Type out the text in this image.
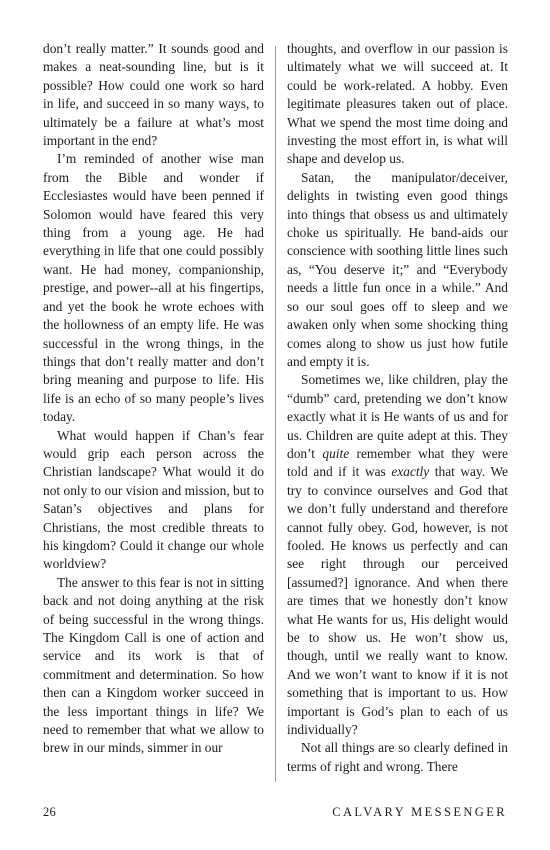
don’t really matter.” It sounds good and makes a neat-sounding line, but is it possible? How could one work so hard in life, and succeed in so many ways, to ultimately be a failure at what’s most important in the end?

I’m reminded of another wise man from the Bible and wonder if Ecclesiastes would have been penned if Solomon would have feared this very thing from a young age. He had everything in life that one could possibly want. He had money, companionship, prestige, and power--all at his fingertips, and yet the book he wrote echoes with the hollowness of an empty life. He was successful in the wrong things, in the things that don’t really matter and don’t bring meaning and purpose to life. His life is an echo of so many people’s lives today.

What would happen if Chan’s fear would grip each person across the Christian landscape? What would it do not only to our vision and mission, but to Satan’s objectives and plans for Christians, the most credible threats to his kingdom? Could it change our whole worldview?

The answer to this fear is not in sitting back and not doing anything at the risk of being successful in the wrong things. The Kingdom Call is one of action and service and its work is that of commitment and determination. So how then can a Kingdom worker succeed in the less important things in life? We need to remember that what we allow to brew in our minds, simmer in our

thoughts, and overflow in our passion is ultimately what we will succeed at. It could be work-related. A hobby. Even legitimate pleasures taken out of place. What we spend the most time doing and investing the most effort in, is what will shape and develop us.

Satan, the manipulator/deceiver, delights in twisting even good things into things that obsess us and ultimately choke us spiritually. He band-aids our conscience with soothing little lines such as, “You deserve it;” and “Everybody needs a little fun once in a while.” And so our soul goes off to sleep and we awaken only when some shocking thing comes along to show us just how futile and empty it is.

Sometimes we, like children, play the “dumb” card, pretending we don’t know exactly what it is He wants of us and for us. Children are quite adept at this. They don’t quite remember what they were told and if it was exactly that way. We try to convince ourselves and God that we don’t fully understand and therefore cannot fully obey. God, however, is not fooled. He knows us perfectly and can see right through our perceived [assumed?] ignorance. And when there are times that we honestly don’t know what He wants for us, His delight would be to show us. He won’t show us, though, until we really want to know. And we won’t want to know if it is not something that is important to us. How important is God’s plan to each of us individually?

Not all things are so clearly defined in terms of right and wrong. There

26	CALVARY MESSENGER
